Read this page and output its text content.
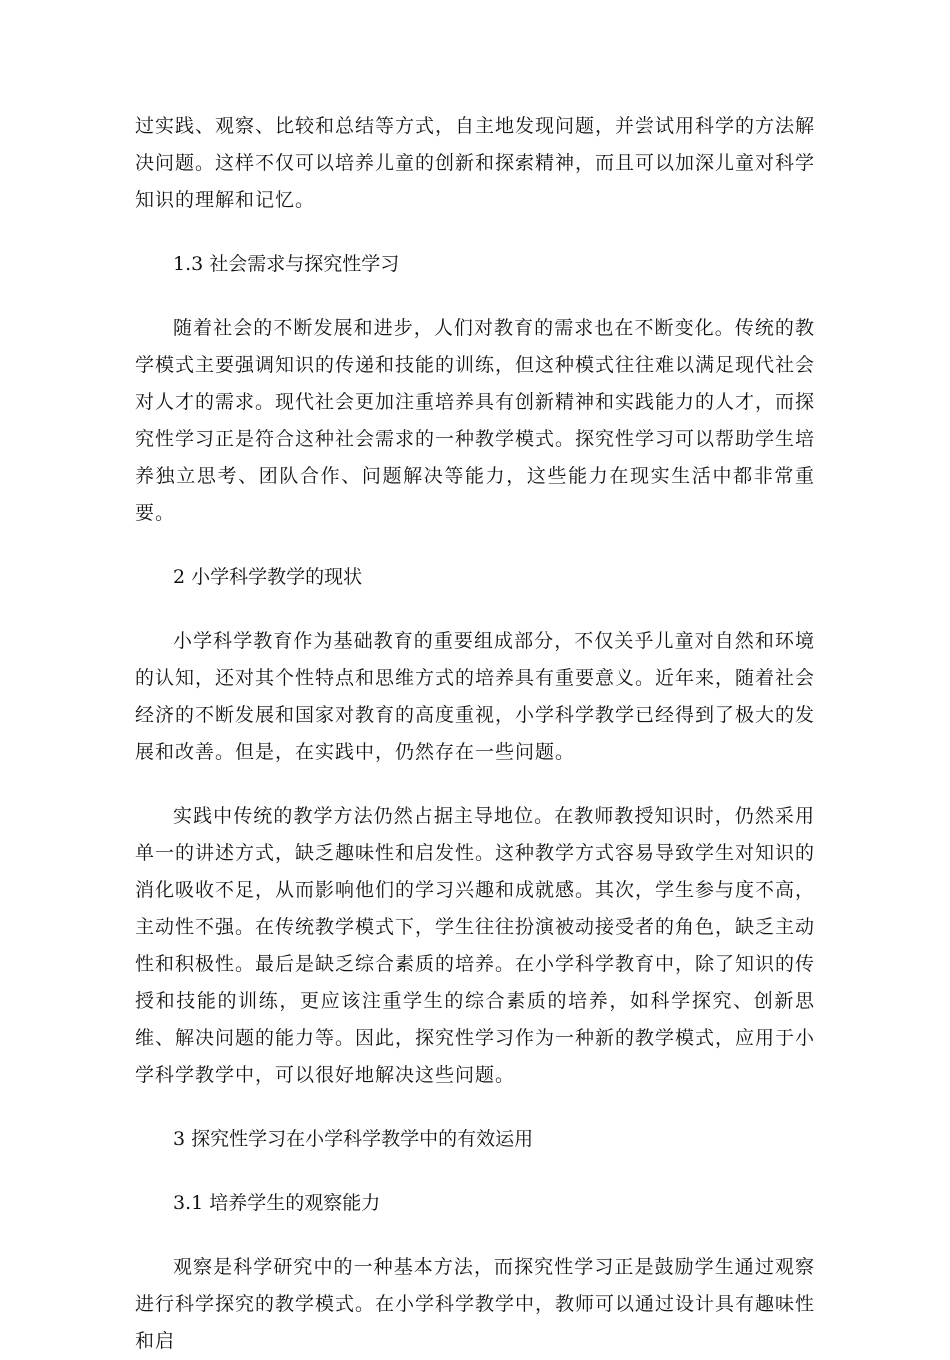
过实践、观察、比较和总结等方式，自主地发现问题，并尝试用科学的方法解决问题。这样不仅可以培养儿童的创新和探索精神，而且可以加深儿童对科学知识的理解和记忆。

1.3 社会需求与探究性学习

随着社会的不断发展和进步，人们对教育的需求也在不断变化。传统的教学模式主要强调知识的传递和技能的训练，但这种模式往往难以满足现代社会对人才的需求。现代社会更加注重培养具有创新精神和实践能力的人才，而探究性学习正是符合这种社会需求的一种教学模式。探究性学习可以帮助学生培养独立思考、团队合作、问题解决等能力，这些能力在现实生活中都非常重要。

2 小学科学教学的现状

小学科学教育作为基础教育的重要组成部分，不仅关乎儿童对自然和环境的认知，还对其个性特点和思维方式的培养具有重要意义。近年来，随着社会经济的不断发展和国家对教育的高度重视，小学科学教学已经得到了极大的发展和改善。但是，在实践中，仍然存在一些问题。

实践中传统的教学方法仍然占据主导地位。在教师教授知识时，仍然采用单一的讲述方式，缺乏趣味性和启发性。这种教学方式容易导致学生对知识的消化吸收不足，从而影响他们的学习兴趣和成就感。其次，学生参与度不高，主动性不强。在传统教学模式下，学生往往扮演被动接受者的角色，缺乏主动性和积极性。最后是缺乏综合素质的培养。在小学科学教育中，除了知识的传授和技能的训练，更应该注重学生的综合素质的培养，如科学探究、创新思维、解决问题的能力等。因此，探究性学习作为一种新的教学模式，应用于小学科学教学中，可以很好地解决这些问题。

3 探究性学习在小学科学教学中的有效运用
3.1 培养学生的观察能力

观察是科学研究中的一种基本方法，而探究性学习正是鼓励学生通过观察进行科学探究的教学模式。在小学科学教学中，教师可以通过设计具有趣味性和启
